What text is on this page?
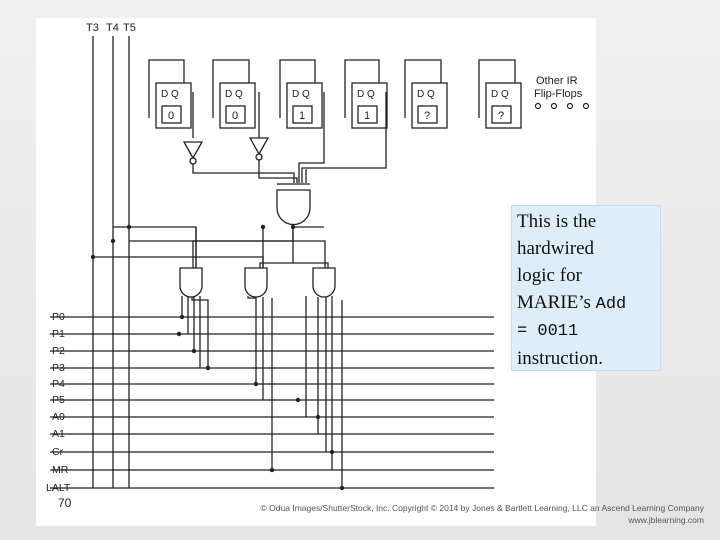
T3 T4 T5
D Q	D Q	D Q	D Q	D Q	D Q
0	0	1	1	?	?
Other IR
Flip-Flops
P0
P1
P2
P3
P4
P5
A0
A1
Cr
MR
LALT
This is the
hardwired
logic for
MARIE’s Add
= 0011
instruction.
70	© Odua Images/ShutterStock, Inc. Copyright © 2014 by Jones & Bartlett Learning, LLC an Ascend Learning Company
www.jblearning.com
